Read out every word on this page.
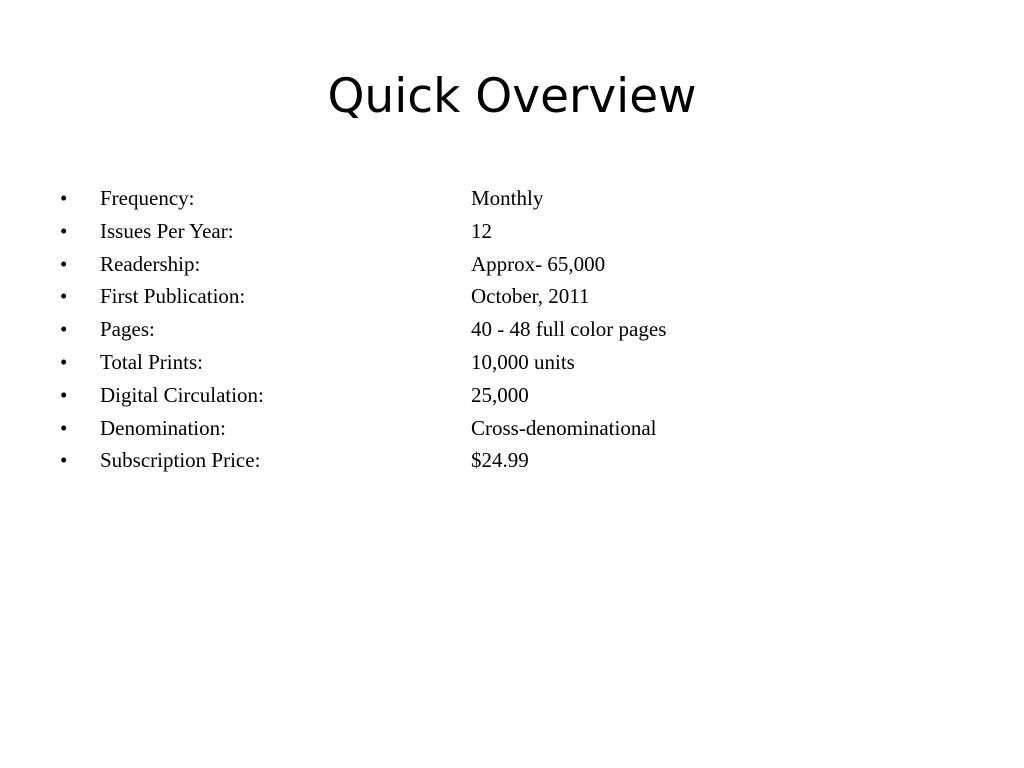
Quick Overview
•	Frequency:	Monthly
•	Issues Per Year:	12
•	Readership:	Approx- 65,000
•	First Publication:	October, 2011
•	Pages:	40 - 48 full color pages
•	Total Prints:	10,000 units
•	Digital Circulation:	25,000
•	Denomination:	Cross-denominational
•	Subscription Price:	$24.99
